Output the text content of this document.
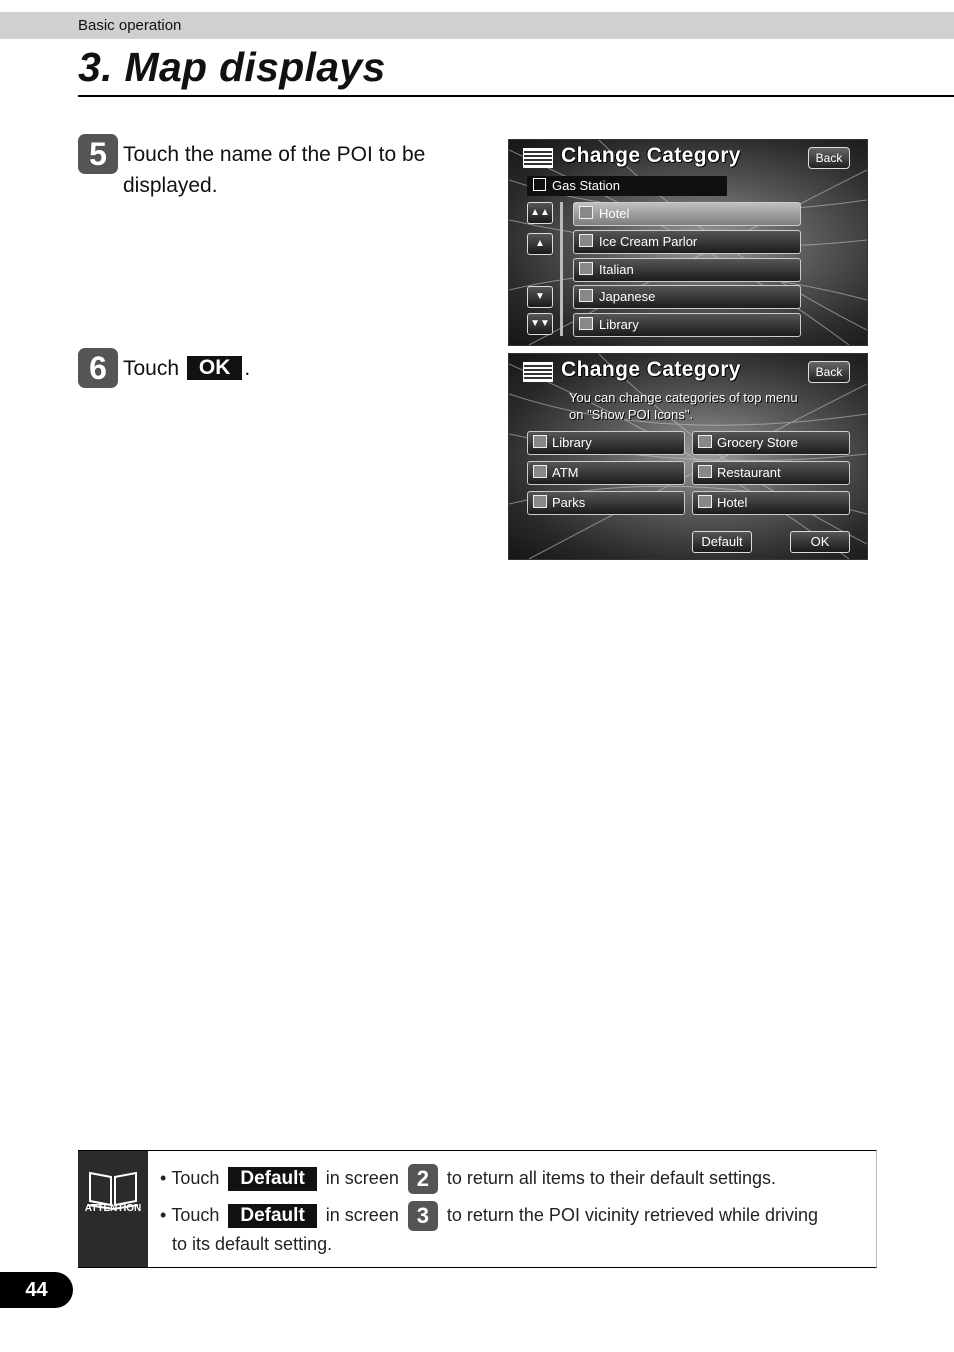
Basic operation
3. Map displays
5 Touch the name of the POI to be
displayed.
6 Touch OK .
Change Category	Back
Gas Station
▲▲
▲
▼
▼▼
Hotel
Ice Cream Parlor
Italian
Japanese
Library
Change Category	Back
You can change categories of top menu
on "Show POI Icons".
Library	Grocery Store
ATM	Restaurant
Parks	Hotel
Default	OK
ATTENTION
• Touch Default in screen 2 to return all items to their default settings.
• Touch Default in screen 3 to return the POI vicinity retrieved while driving
to its default setting.
44
